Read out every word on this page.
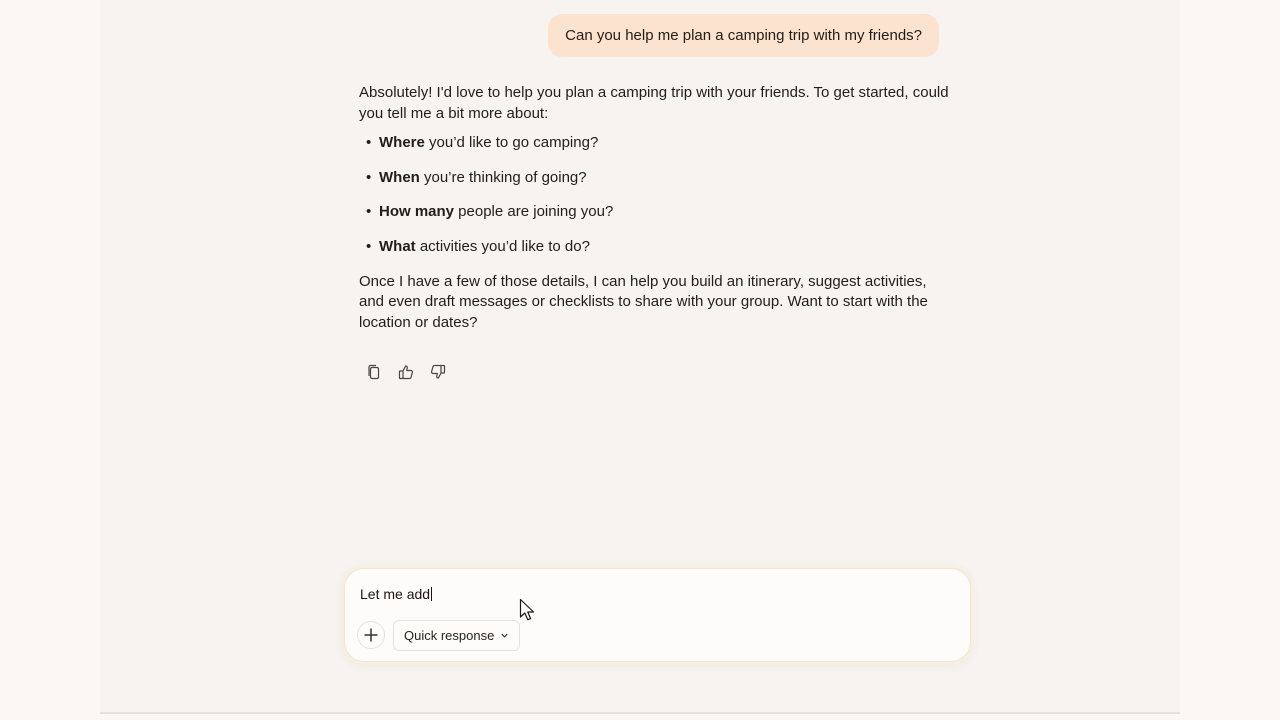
Can you help me plan a camping trip with my friends?

Absolutely! I'd love to help you plan a camping trip with your friends. To get started, could you tell me a bit more about:

• Where you’d like to go camping?
• When you’re thinking of going?
• How many people are joining you?
• What activities you’d like to do?

Once I have a few of those details, I can help you build an itinerary, suggest activities, and even draft messages or checklists to share with your group. Want to start with the location or dates?

Let me add
Quick response
